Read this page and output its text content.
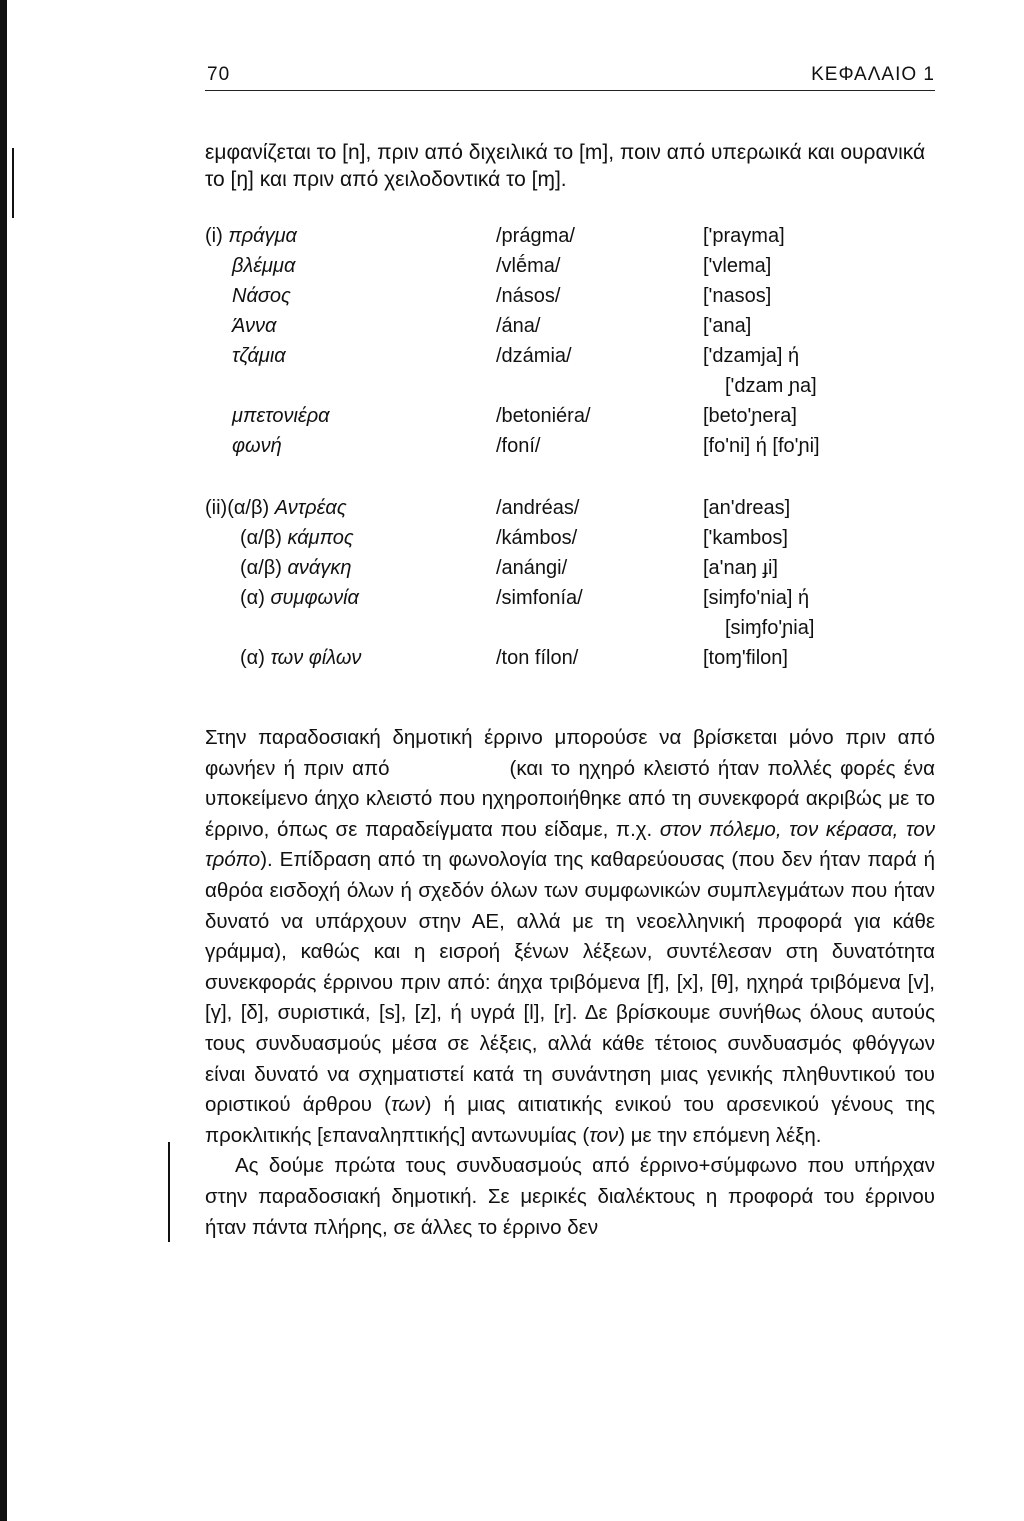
70	ΚΕΦΑΛΑΙΟ 1

εμφανίζεται το [n], πριν από διχειλικά το [m], ποιν από υπερωικά και ουρανικά το [ŋ] και πριν από χειλοδοντικά το [ɱ].

(i) πράγμα	/prágma/	['praγma]
βλέμμα	/vlḗma/	['vlema]
Νάσος	/násos/	['nasos]
Άννα	/ána/	['ana]
τζάμια	/dzámia/	['dzamja] ή
['dzam ɲa]
μπετονιέρα	/betoniéra/	[beto'ɲera]
φωνή	/foní/	[fo'ni] ή [fo'ɲi]
(ii)(α/β) Αντρέας	/andréas/	[an'dreas]
(α/β) κάμπος	/kámbos/	['kambos]
(α/β) ανάγκη	/anángi/	[a'naŋ ɟi]
(α) συμφωνία	/simfonía/	[siɱfo'nia] ή
[siɱfo'ɲia]
(α) των φίλων	/ton fílon/	[toɱ'filon]

Στην παραδοσιακή δημοτική έρρινο μπορούσε να βρίσκεται μόνο πριν από φωνήεν ή πριν από	(και το ηχηρό κλειστό ήταν πολλές φορές ένα υποκείμενο άηχο κλειστό που ηχηροποιήθηκε από τη συνεκφορά ακριβώς με το έρρινο, όπως σε παραδείγματα που είδαμε, π.χ. στον πόλεμο, τον κέρασα, τον τρόπο). Επίδραση από τη φωνολογία της καθαρεύουσας (που δεν ήταν παρά ή αθρόα εισδοχή όλων ή σχεδόν όλων των συμφωνικών συμπλεγμάτων που ήταν δυνατό να υπάρχουν στην ΑΕ, αλλά με τη νεοελληνική προφορά για κάθε γράμμα), καθώς και η εισροή ξένων λέξεων, συντέλεσαν στη δυνατότητα συνεκφοράς έρρινου πριν από: άηχα τριβόμενα [f], [x], [θ], ηχηρά τριβόμενα [v], [γ], [δ], συριστικά, [s], [z], ή υγρά [l], [r]. Δε βρίσκουμε συνήθως όλους αυτούς τους συνδυασμούς μέσα σε λέξεις, αλλά κάθε τέτοιος συνδυασμός φθόγγων είναι δυνατό να σχηματιστεί κατά τη συνάντηση μιας γενικής πληθυντικού του οριστικού άρθρου (των) ή μιας αιτιατικής ενικού του αρσενικού γένους της προκλιτικής [επαναληπτικής] αντωνυμίας (τον) με την επόμενη λέξη.

Ας δούμε πρώτα τους συνδυασμούς από έρρινο+σύμφωνο που υπήρχαν στην παραδοσιακή δημοτική. Σε μερικές διαλέκτους η προφορά του έρρινου ήταν πάντα πλήρης, σε άλλες το έρρινο δεν
